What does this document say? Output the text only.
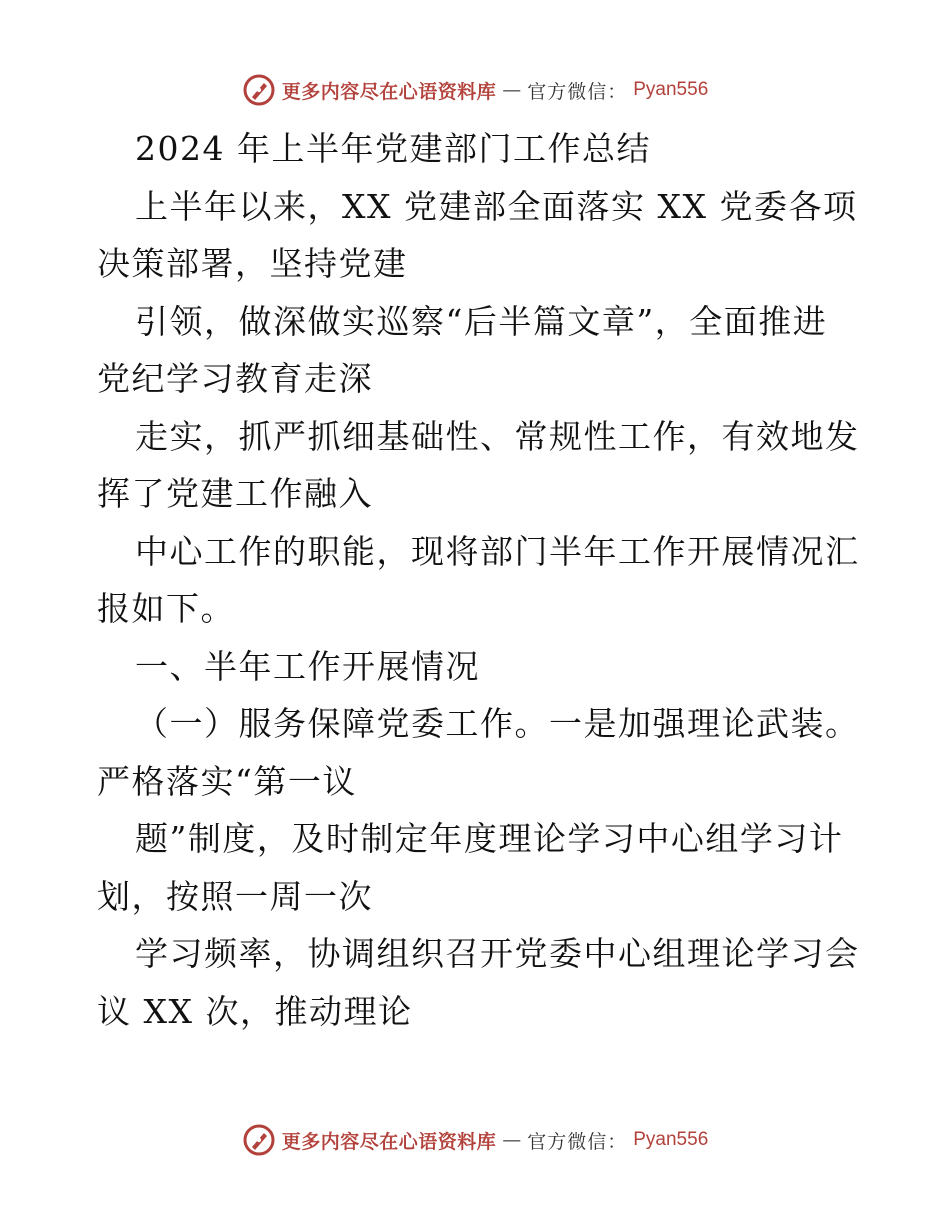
更多内容尽在心语资料库 — 官方微信： Pyan556
2024 年上半年党建部门工作总结
上半年以来，XX 党建部全面落实 XX 党委各项
决策部署，坚持党建
引领，做深做实巡察“后半篇文章”，全面推进
党纪学习教育走深
走实，抓严抓细基础性、常规性工作，有效地发
挥了党建工作融入
中心工作的职能，现将部门半年工作开展情况汇
报如下。
一、半年工作开展情况
（一）服务保障党委工作。一是加强理论武装。
严格落实“第一议
题”制度，及时制定年度理论学习中心组学习计
划，按照一周一次
学习频率，协调组织召开党委中心组理论学习会
议 XX 次，推动理论
更多内容尽在心语资料库 — 官方微信： Pyan556
